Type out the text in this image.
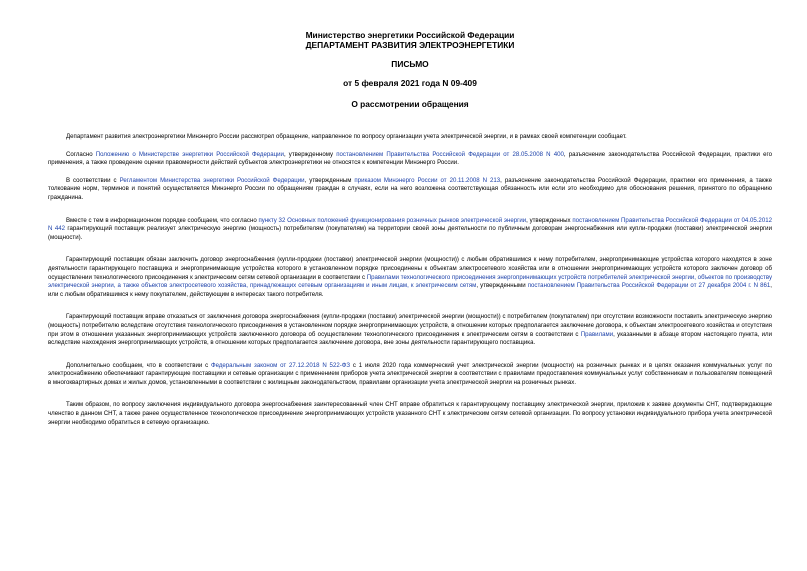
Министерство энергетики Российской Федерации
ДЕПАРТАМЕНТ РАЗВИТИЯ ЭЛЕКТРОЭНЕРГЕТИКИ
ПИСЬМО
от 5 февраля 2021 года N 09-409
О рассмотрении обращения

Департамент развития электроэнергетики Минэнерго России рассмотрел обращение, направленное по вопросу организации учета электрической энергии, и в рамках своей компетенции сообщает.

Согласно Положению о Министерстве энергетики Российской Федерации, утвержденному постановлением Правительства Российской Федерации от 28.05.2008 N 400, разъяснение законодательства Российской Федерации, практики его применения, а также проведение оценки правомерности действий субъектов электроэнергетики не относятся к компетенции Минэнерго России.

В соответствии с Регламентом Министерства энергетики Российской Федерации, утвержденным приказом Минэнерго России от 20.11.2008 N 213, разъяснение законодательства Российской Федерации, практики его применения, а также толкование норм, терминов и понятий осуществляется Минэнерго России по обращениям граждан в случаях, если на него возложена соответствующая обязанность или если это необходимо для обоснования решения, принятого по обращению гражданина.

Вместе с тем в информационном порядке сообщаем, что согласно пункту 32 Основных положений функционирования розничных рынков электрической энергии, утвержденных постановлением Правительства Российской Федерации от 04.05.2012 N 442 гарантирующий поставщик реализует электрическую энергию (мощность) потребителям (покупателям) на территории своей зоны деятельности по публичным договорам энергоснабжения или купли-продажи (поставки) электрической энергии (мощности).

Гарантирующий поставщик обязан заключить договор энергоснабжения (купли-продажи (поставки) электрической энергии (мощности)) с любым обратившимся к нему потребителем, энергопринимающие устройства которого находятся в зоне деятельности гарантирующего поставщика и энергопринимающие устройства которого в установленном порядке присоединены к объектам электросетевого хозяйства или в отношении энергопринимающих устройств которого заключен договор об осуществлении технологического присоединения к электрическим сетям сетевой организации в соответствии с Правилами технологического присоединения энергопринимающих устройств потребителей электрической энергии, объектов по производству электрической энергии, а также объектов электросетевого хозяйства, принадлежащих сетевым организациям и иным лицам, к электрическим сетям, утвержденными постановлением Правительства Российской Федерации от 27 декабря 2004 г. N 861, или с любым обратившимся к нему покупателем, действующим в интересах такого потребителя.

Гарантирующий поставщик вправе отказаться от заключения договора энергоснабжения (купли-продажи (поставки) электрической энергии (мощности)) с потребителем (покупателем) при отсутствии возможности поставить электрическую энергию (мощность) потребителю вследствие отсутствия технологического присоединения в установленном порядке энергопринимающих устройств, в отношении которых предполагается заключение договора, к объектам электросетевого хозяйства и отсутствия при этом в отношении указанных энергопринимающих устройств заключенного договора об осуществлении технологического присоединения к электрическим сетям в соответствии с Правилами, указанными в абзаце втором настоящего пункта, или вследствие нахождения энергопринимающих устройств, в отношении которых предполагается заключение договора, вне зоны деятельности гарантирующего поставщика.

Дополнительно сообщаем, что в соответствии с Федеральным законом от 27.12.2018 N 522-ФЗ с 1 июля 2020 года коммерческий учет электрической энергии (мощности) на розничных рынках и в целях оказания коммунальных услуг по электроснабжению обеспечивают гарантирующие поставщики и сетевые организации с применением приборов учета электрической энергии в соответствии с правилами предоставления коммунальных услуг собственникам и пользователям помещений в многоквартирных домах и жилых домов, установленными в соответствии с жилищным законодательством, правилами организации учета электрической энергии на розничных рынках.

Таким образом, по вопросу заключения индивидуального договора энергоснабжения заинтересованный член СНТ вправе обратиться к гарантирующему поставщику электрической энергии, приложив к заявке документы СНТ, подтверждающие членство в данном СНТ, а также ранее осуществленное технологическое присоединение энергопринимающих устройств указанного СНТ к электрическим сетям сетевой организации. По вопросу установки индивидуального прибора учета электрической энергии необходимо обратиться в сетевую организацию.
